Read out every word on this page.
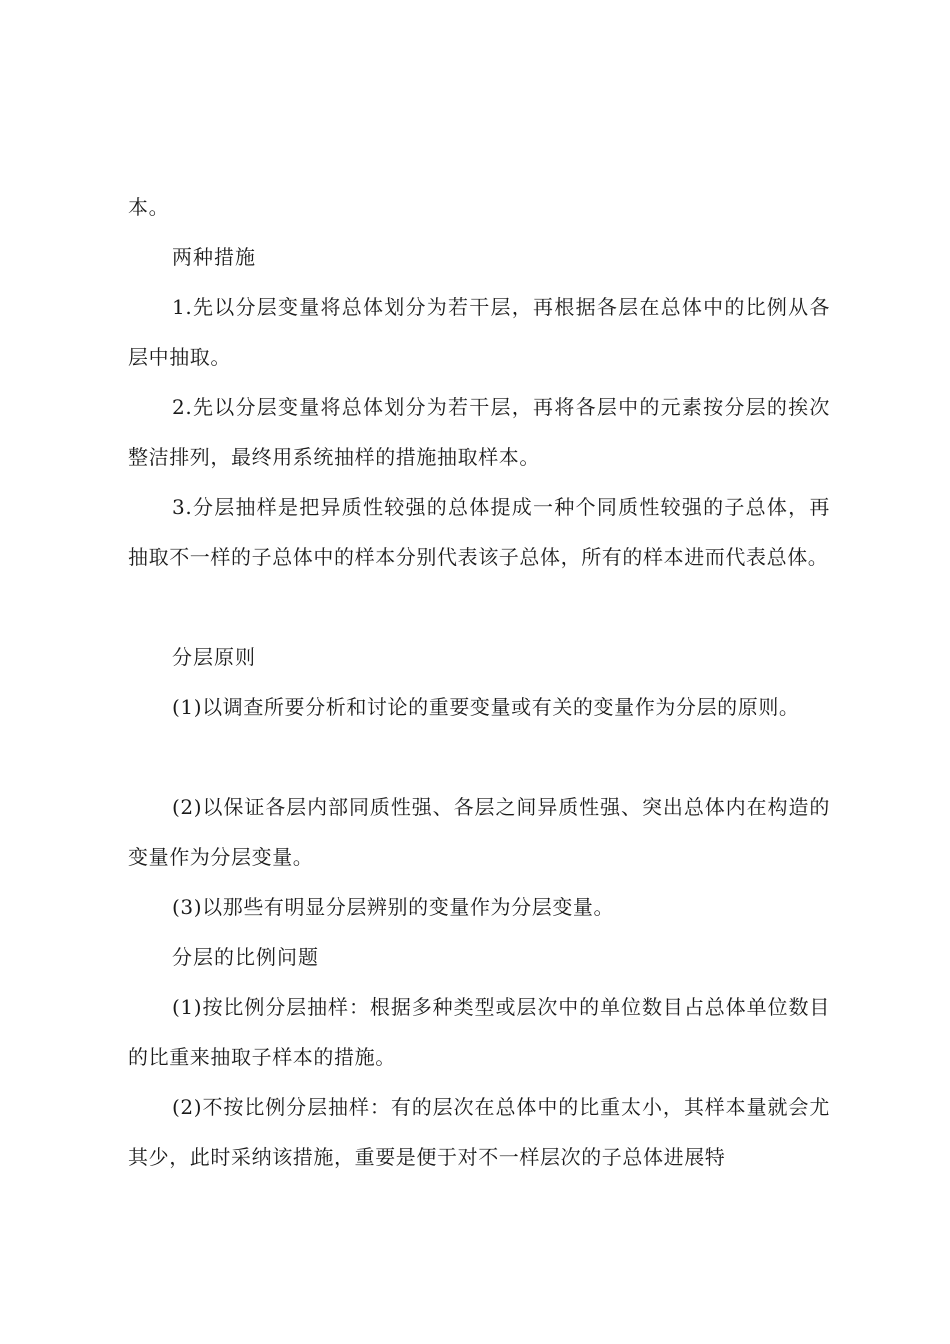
本。

两种措施

1.先以分层变量将总体划分为若干层，再根据各层在总体中的比例从各层中抽取。

2.先以分层变量将总体划分为若干层，再将各层中的元素按分层的挨次整洁排列，最终用系统抽样的措施抽取样本。

3.分层抽样是把异质性较强的总体提成一种个同质性较强的子总体，再抽取不一样的子总体中的样本分别代表该子总体，所有的样本进而代表总体。

分层原则

(1)以调查所要分析和讨论的重要变量或有关的变量作为分层的原则。

(2)以保证各层内部同质性强、各层之间异质性强、突出总体内在构造的变量作为分层变量。

(3)以那些有明显分层辨别的变量作为分层变量。

分层的比例问题

(1)按比例分层抽样：根据多种类型或层次中的单位数目占总体单位数目的比重来抽取子样本的措施。

(2)不按比例分层抽样：有的层次在总体中的比重太小，其样本量就会尤其少，此时采纳该措施，重要是便于对不一样层次的子总体进展特
